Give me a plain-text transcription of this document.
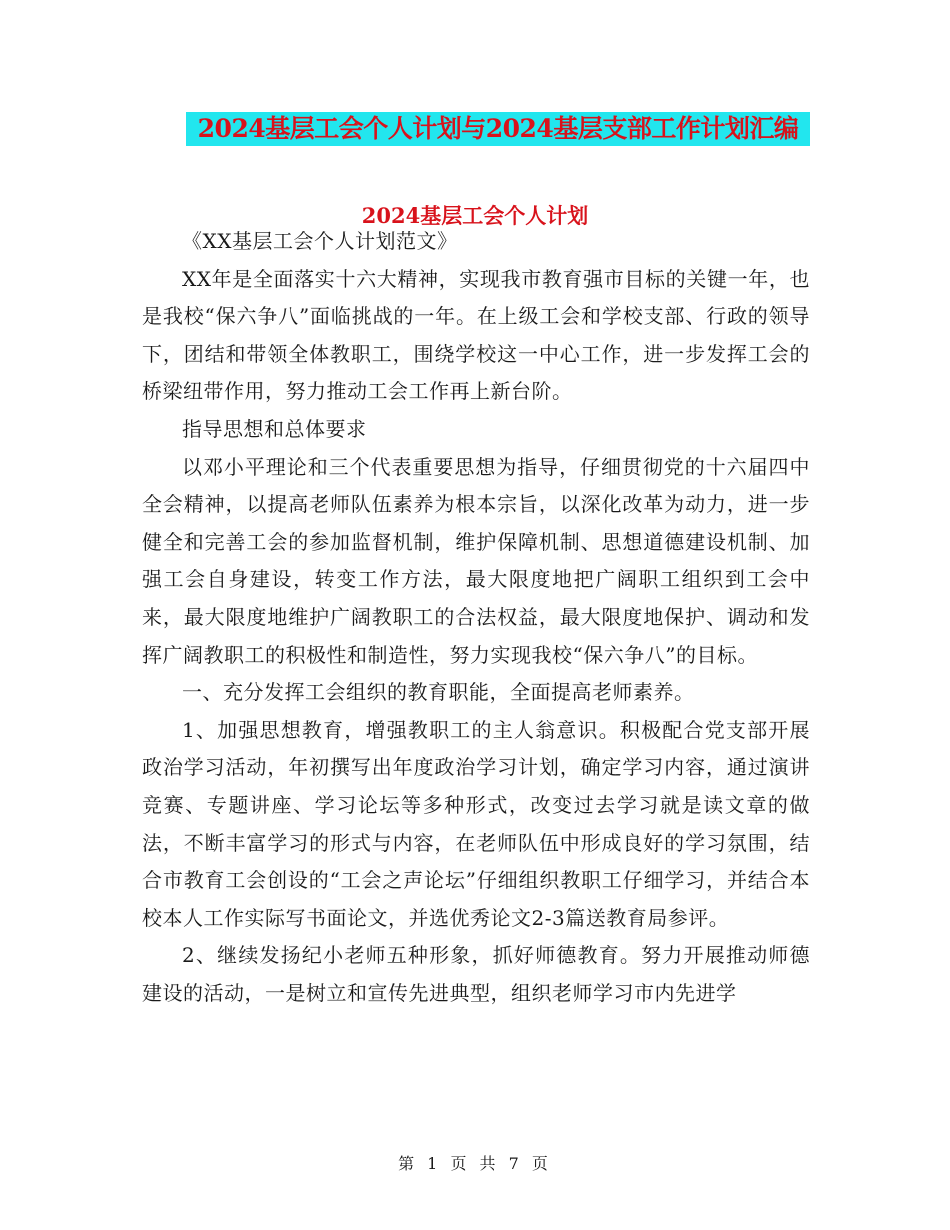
2024基层工会个人计划与2024基层支部工作计划汇编
2024基层工会个人计划

《XX基层工会个人计划范文》

XX年是全面落实十六大精神，实现我市教育强市目标的关键一年，也是我校“保六争八”面临挑战的一年。在上级工会和学校支部、行政的领导下，团结和带领全体教职工，围绕学校这一中心工作，进一步发挥工会的桥梁纽带作用，努力推动工会工作再上新台阶。

指导思想和总体要求

以邓小平理论和三个代表重要思想为指导，仔细贯彻党的十六届四中全会精神，以提高老师队伍素养为根本宗旨，以深化改革为动力，进一步健全和完善工会的参加监督机制，维护保障机制、思想道德建设机制、加强工会自身建设，转变工作方法，最大限度地把广阔职工组织到工会中来，最大限度地维护广阔教职工的合法权益，最大限度地保护、调动和发挥广阔教职工的积极性和制造性，努力实现我校“保六争八”的目标。

一、充分发挥工会组织的教育职能，全面提高老师素养。

1、加强思想教育，增强教职工的主人翁意识。积极配合党支部开展政治学习活动，年初撰写出年度政治学习计划，确定学习内容，通过演讲竞赛、专题讲座、学习论坛等多种形式，改变过去学习就是读文章的做法，不断丰富学习的形式与内容，在老师队伍中形成良好的学习氛围，结合市教育工会创设的“工会之声论坛”仔细组织教职工仔细学习，并结合本校本人工作实际写书面论文，并选优秀论文2-3篇送教育局参评。

2、继续发扬纪小老师五种形象，抓好师德教育。努力开展推动师德建设的活动，一是树立和宣传先进典型，组织老师学习市内先进学

第 1 页 共 7 页
